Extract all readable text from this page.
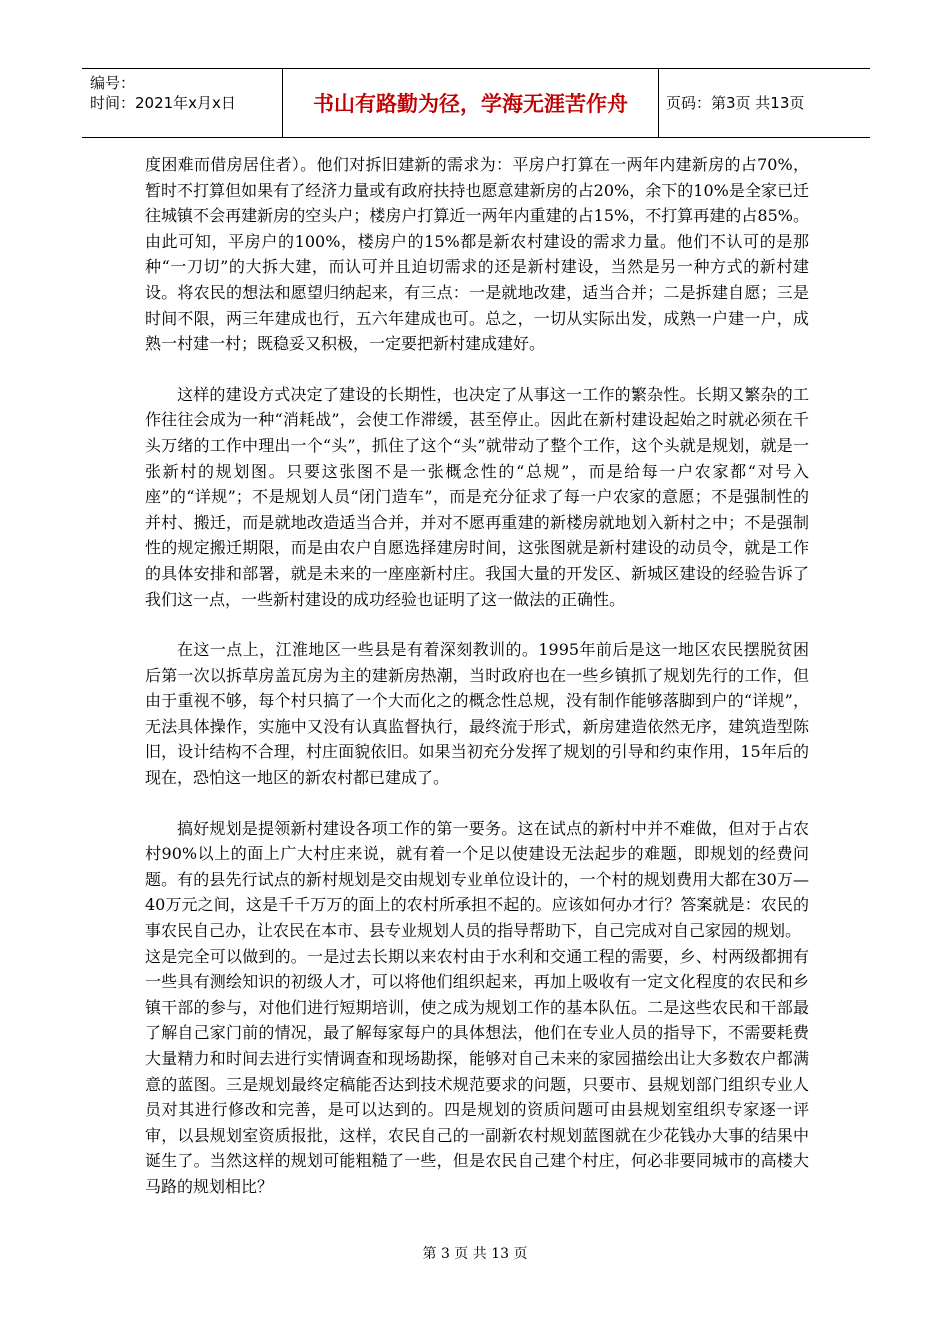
编号：
时间：2021年x月x日	书山有路勤为径，学海无涯苦作舟	页码：第3页 共13页

度困难而借房居住者）。他们对拆旧建新的需求为：平房户打算在一两年内建新房的占70%，暂时不打算但如果有了经济力量或有政府扶持也愿意建新房的占20%，余下的10%是全家已迁往城镇不会再建新房的空头户；楼房户打算近一两年内重建的占15%，不打算再建的占85%。由此可知，平房户的100%，楼房户的15%都是新农村建设的需求力量。他们不认可的是那种“一刀切”的大拆大建，而认可并且迫切需求的还是新村建设，当然是另一种方式的新村建设。将农民的想法和愿望归纳起来，有三点：一是就地改建，适当合并；二是拆建自愿；三是时间不限，两三年建成也行，五六年建成也可。总之，一切从实际出发，成熟一户建一户，成熟一村建一村；既稳妥又积极，一定要把新村建成建好。

这样的建设方式决定了建设的长期性，也决定了从事这一工作的繁杂性。长期又繁杂的工作往往会成为一种“消耗战”，会使工作滞缓，甚至停止。因此在新村建设起始之时就必须在千头万绪的工作中理出一个“头”，抓住了这个“头”就带动了整个工作，这个头就是规划，就是一张新村的规划图。只要这张图不是一张概念性的“总规”，而是给每一户农家都“对号入座”的“详规”；不是规划人员“闭门造车”，而是充分征求了每一户农家的意愿；不是强制性的并村、搬迁，而是就地改造适当合并，并对不愿再重建的新楼房就地划入新村之中；不是强制性的规定搬迁期限，而是由农户自愿选择建房时间，这张图就是新村建设的动员令，就是工作的具体安排和部署，就是未来的一座座新村庄。我国大量的开发区、新城区建设的经验告诉了我们这一点，一些新村建设的成功经验也证明了这一做法的正确性。

在这一点上，江淮地区一些县是有着深刻教训的。1995年前后是这一地区农民摆脱贫困后第一次以拆草房盖瓦房为主的建新房热潮，当时政府也在一些乡镇抓了规划先行的工作，但由于重视不够，每个村只搞了一个大而化之的概念性总规，没有制作能够落脚到户的“详规”，无法具体操作，实施中又没有认真监督执行，最终流于形式，新房建造依然无序，建筑造型陈旧，设计结构不合理，村庄面貌依旧。如果当初充分发挥了规划的引导和约束作用，15年后的现在，恐怕这一地区的新农村都已建成了。

搞好规划是提领新村建设各项工作的第一要务。这在试点的新村中并不难做，但对于占农村90%以上的面上广大村庄来说，就有着一个足以使建设无法起步的难题，即规划的经费问题。有的县先行试点的新村规划是交由规划专业单位设计的，一个村的规划费用大都在30万—40万元之间，这是千千万万的面上的农村所承担不起的。应该如何办才行？答案就是：农民的事农民自己办，让农民在本市、县专业规划人员的指导帮助下，自己完成对自己家园的规划。

这是完全可以做到的。一是过去长期以来农村由于水利和交通工程的需要，乡、村两级都拥有一些具有测绘知识的初级人才，可以将他们组织起来，再加上吸收有一定文化程度的农民和乡镇干部的参与，对他们进行短期培训，使之成为规划工作的基本队伍。二是这些农民和干部最了解自己家门前的情况，最了解每家每户的具体想法，他们在专业人员的指导下，不需要耗费大量精力和时间去进行实情调查和现场勘探，能够对自己未来的家园描绘出让大多数农户都满意的蓝图。三是规划最终定稿能否达到技术规范要求的问题，只要市、县规划部门组织专业人员对其进行修改和完善，是可以达到的。四是规划的资质问题可由县规划室组织专家逐一评审，以县规划室资质报批，这样，农民自己的一副新农村规划蓝图就在少花钱办大事的结果中诞生了。当然这样的规划可能粗糙了一些，但是农民自己建个村庄，何必非要同城市的高楼大马路的规划相比？

第 3 页 共 13 页
